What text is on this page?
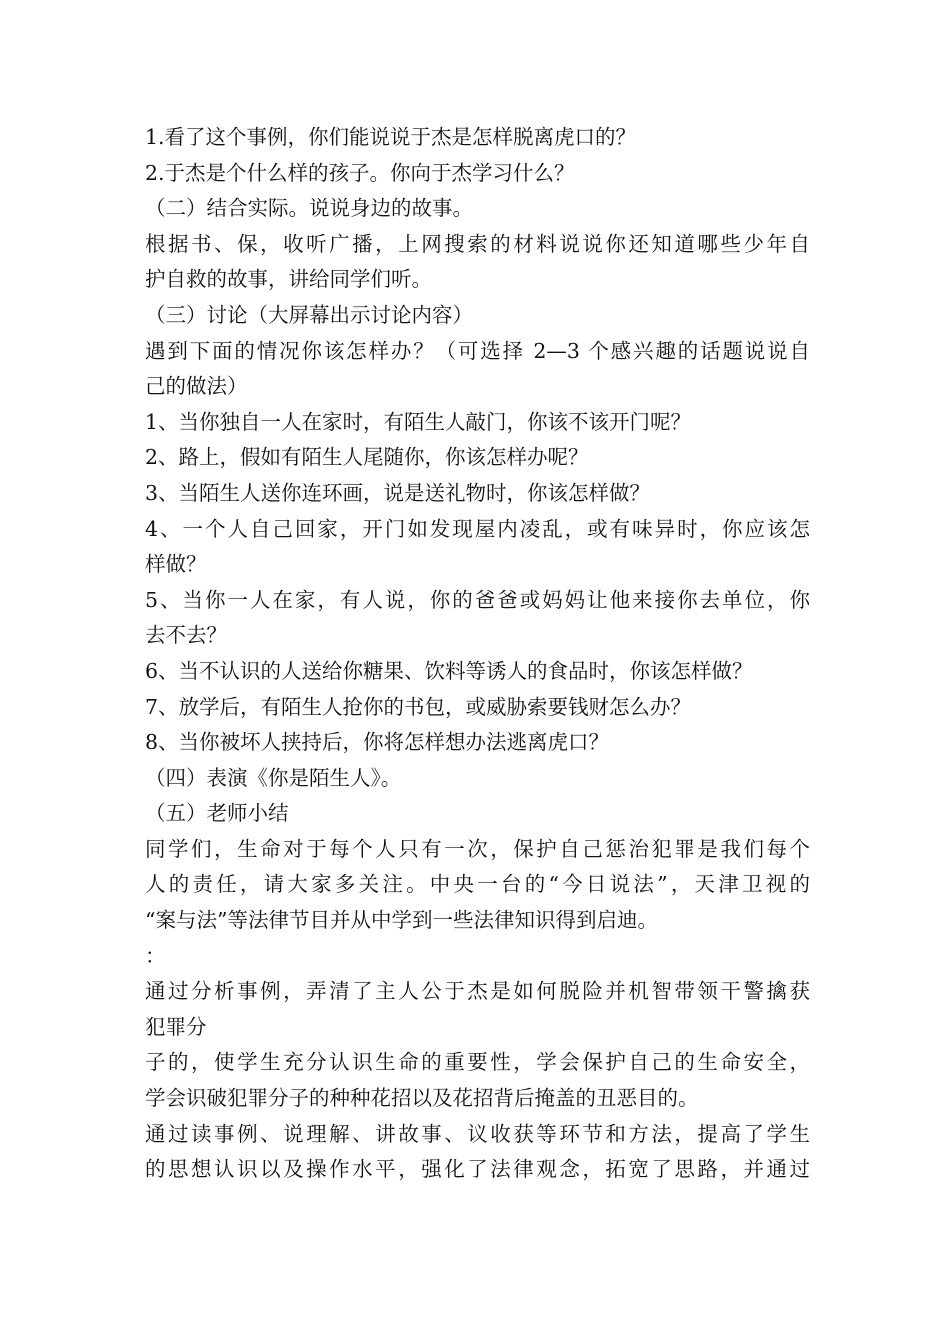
1.看了这个事例，你们能说说于杰是怎样脱离虎口的？
2.于杰是个什么样的孩子。你向于杰学习什么？
（二）结合实际。说说身边的故事。
根据书、保，收听广播，上网搜索的材料说说你还知道哪些少年自
护自救的故事，讲给同学们听。
（三）讨论（大屏幕出示讨论内容）
遇到下面的情况你该怎样办？（可选择 2—3 个感兴趣的话题说说自
己的做法）
1、当你独自一人在家时，有陌生人敲门，你该不该开门呢？
2、路上，假如有陌生人尾随你，你该怎样办呢？
3、当陌生人送你连环画，说是送礼物时，你该怎样做？
4、一个人自己回家，开门如发现屋内凌乱，或有味异时，你应该怎
样做？
5、当你一人在家，有人说，你的爸爸或妈妈让他来接你去单位，你
去不去？
6、当不认识的人送给你糖果、饮料等诱人的食品时，你该怎样做？
7、放学后，有陌生人抢你的书包，或威胁索要钱财怎么办？
8、当你被坏人挟持后，你将怎样想办法逃离虎口？
（四）表演《你是陌生人》。
（五）老师小结
同学们，生命对于每个人只有一次，保护自己惩治犯罪是我们每个
人的责任，请大家多关注。中央一台的“今日说法”，天津卫视的
“案与法”等法律节目并从中学到一些法律知识得到启迪。
：
通过分析事例，弄清了主人公于杰是如何脱险并机智带领干警擒获
犯罪分
子的，使学生充分认识生命的重要性，学会保护自己的生命安全，
学会识破犯罪分子的种种花招以及花招背后掩盖的丑恶目的。
通过读事例、说理解、讲故事、议收获等环节和方法，提高了学生
的思想认识以及操作水平，强化了法律观念，拓宽了思路，并通过
